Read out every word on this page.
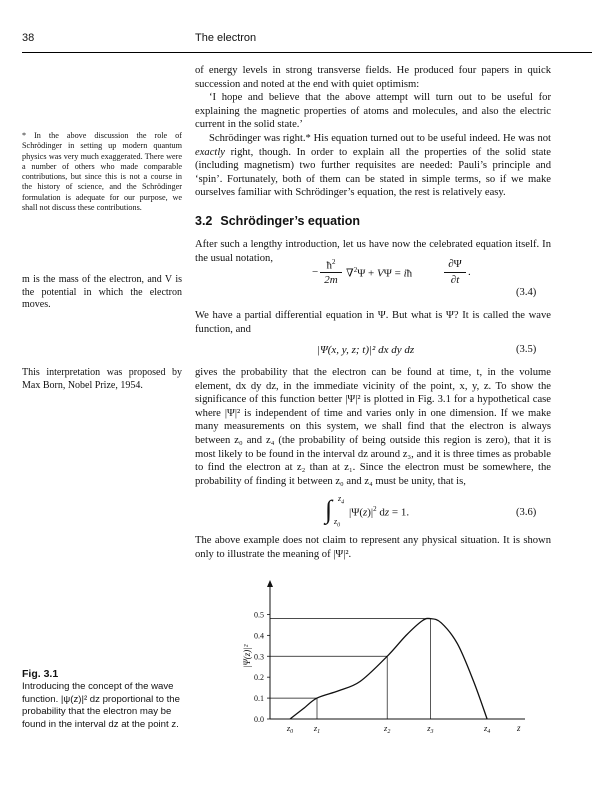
38	The electron

of energy levels in strong transverse fields. He produced four papers in quick succession and noted at the end with quiet optimism:

‘I hope and believe that the above attempt will turn out to be useful for explaining the magnetic properties of atoms and molecules, and also the electric current in the solid state.’

Schrödinger was right.* His equation turned out to be useful indeed. He was not exactly right, though. In order to explain all the properties of the solid state (including magnetism) two further requisites are needed: Pauli’s principle and ‘spin’. Fortunately, both of them can be stated in simple terms, so if we make ourselves familiar with Schrödinger’s equation, the rest is relatively easy.

3.2 Schrödinger’s equation
After such a lengthy introduction, let us have now the celebrated equation itself. In the usual notation,
−
$ħ^2$
2m
∇$^2$Ψ + VΨ = iħ
∂Ψ
∂t
.
(3.4)
We have a partial differential equation in Ψ. But what is Ψ? It is called the wave function, and
|Ψ(x, y, z; t)|² dx dy dz	(3.5)
gives the probability that the electron can be found at time, t, in the volume element, dx dy dz, in the immediate vicinity of the point, x, y, z. To show the significance of this function better |Ψ|² is plotted in Fig. 3.1 for a hypothetical case where |Ψ|² is independent of time and varies only in one dimension. If we make many measurements on this system, we shall find that the electron is always between z₀ and z₄ (the probability of being outside this region is zero), that it is most likely to be found in the interval dz around z₃, and it is three times as probable to find the electron at z₂ than at z₁. Since the electron must be somewhere, the probability of finding it between z₀ and z₄ must be unity, that is,
∫ $z_4$
$z_0$
$|\Psi(z)|^2$ dz = 1.	(3.6)
The above example does not claim to represent any physical situation. It is shown only to illustrate the meaning of |Ψ|².
* In the above discussion the role of Schrödinger in setting up modern quantum physics was very much exaggerated. There were a number of others who made comparable contributions, but since this is not a course in the history of science, and the Schrödinger formulation is adequate for our purpose, we shall not discuss these contributions.
m is the mass of the electron, and V is the potential in which the electron moves.
This interpretation was proposed by Max Born, Nobel Prize, 1954.
Fig. 3.1
Introducing the concept of the wave function. |ψ(z)|² dz proportional to the probability that the electron may be found in the interval dz at the point z.	0.0
0.1
0.2
0.3
0.4
0.5
|Ψ(z)|²
$z_0$ $z_1$	$z_2$	$z_3$	$z_4$	z
